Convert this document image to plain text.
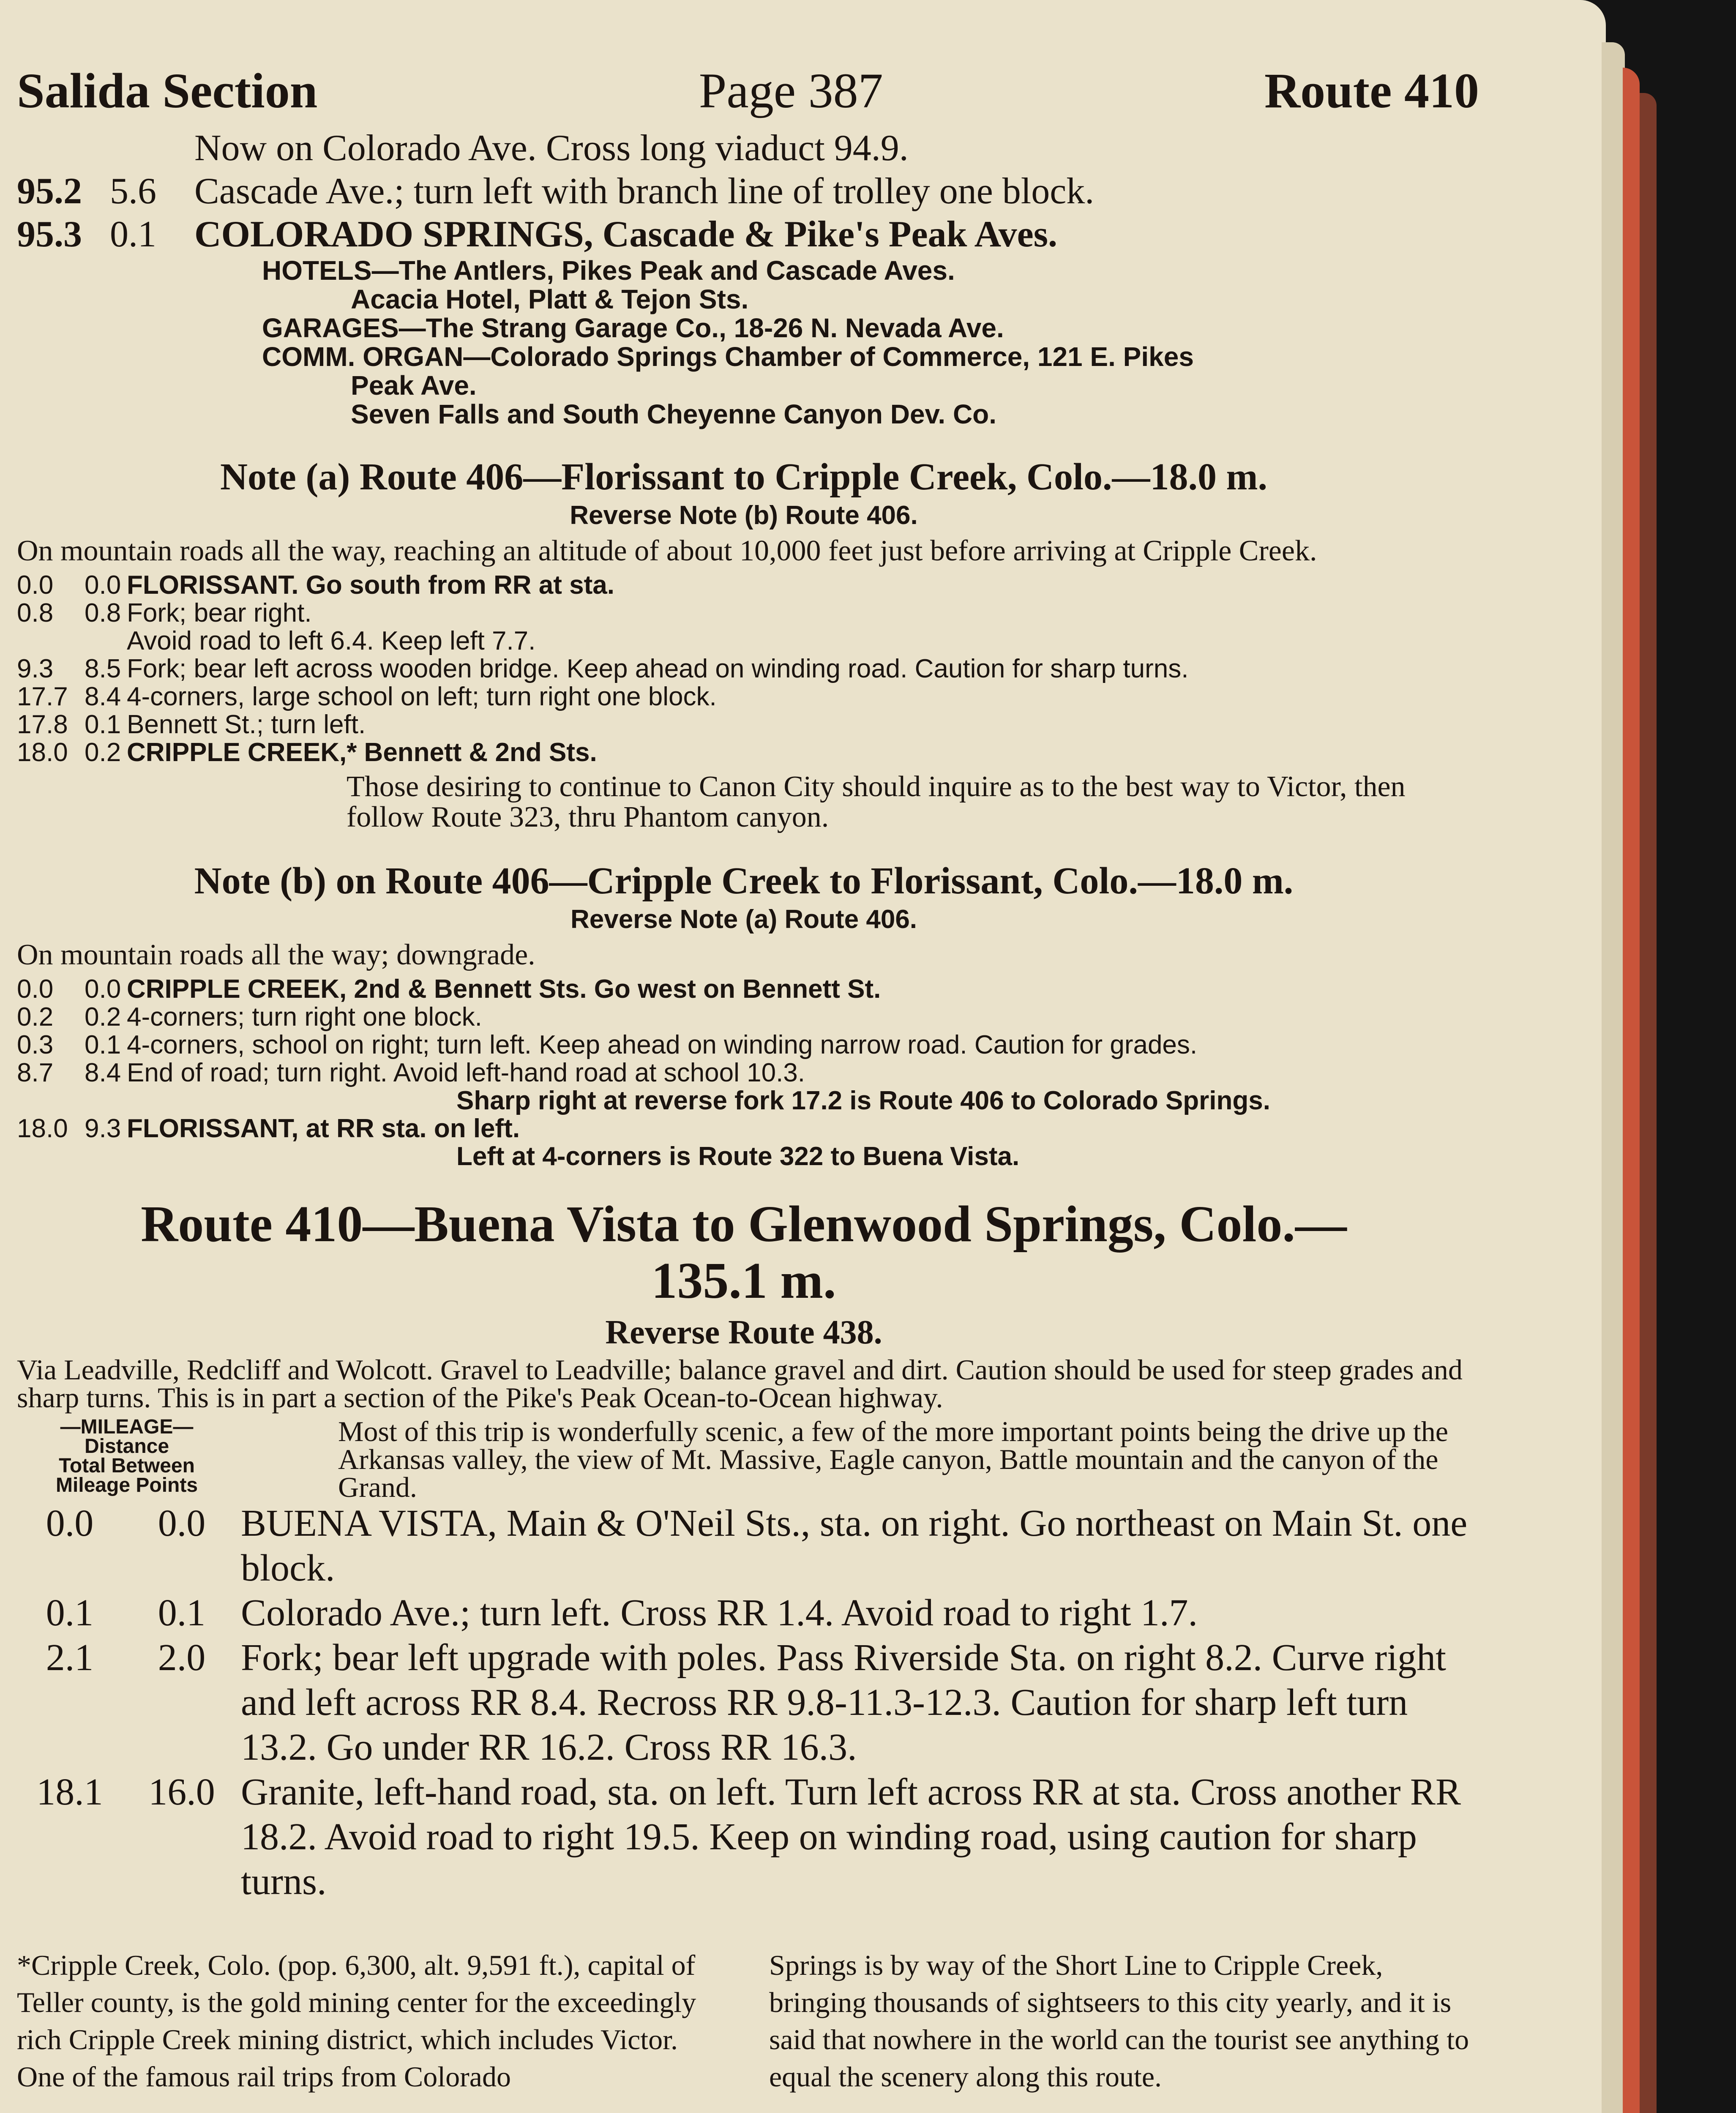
Salida Section	Page 387	Route 410
Now on Colorado Ave. Cross long viaduct 94.9.
95.2 5.6	Cascade Ave.; turn left with branch line of trolley one block.
95.3 0.1	COLORADO SPRINGS, Cascade & Pike's Peak Aves.
HOTELS—The Antlers, Pikes Peak and Cascade Aves.
Acacia Hotel, Platt & Tejon Sts.
GARAGES—The Strang Garage Co., 18-26 N. Nevada Ave.
COMM. ORGAN—Colorado Springs Chamber of Commerce, 121 E. Pikes
Peak Ave.
Seven Falls and South Cheyenne Canyon Dev. Co.
Note (a) Route 406—Florissant to Cripple Creek, Colo.—18.0 m.
Reverse Note (b) Route 406.
On mountain roads all the way, reaching an altitude of about 10,000 feet just before arriving at Cripple Creek.
0.0	0.0 FLORISSANT. Go south from RR at sta.
0.8	0.8 Fork; bear right.
Avoid road to left 6.4. Keep left 7.7.
9.3	8.5 Fork; bear left across wooden bridge. Keep ahead on winding road. Caution for sharp turns.
17.7 8.4 4-corners, large school on left; turn right one block.
17.8 0.1 Bennett St.; turn left.
18.0 0.2 CRIPPLE CREEK,* Bennett & 2nd Sts.
Those desiring to continue to Canon City should inquire as to the best way to Victor, then follow Route 323, thru Phantom canyon.
Note (b) on Route 406—Cripple Creek to Florissant, Colo.—18.0 m.
Reverse Note (a) Route 406.
On mountain roads all the way; downgrade.
0.0	0.0 CRIPPLE CREEK, 2nd & Bennett Sts. Go west on Bennett St.
0.2	0.2 4-corners; turn right one block.
0.3	0.1 4-corners, school on right; turn left. Keep ahead on winding narrow road. Caution for grades.
8.7	8.4 End of road; turn right. Avoid left-hand road at school 10.3.
Sharp right at reverse fork 17.2 is Route 406 to Colorado Springs.
18.0 9.3 FLORISSANT, at RR sta. on left.
Left at 4-corners is Route 322 to Buena Vista.
Route 410—Buena Vista to Glenwood Springs, Colo.—
135.1 m.
Reverse Route 438.
Via Leadville, Redcliff and Wolcott. Gravel to Leadville; balance gravel and dirt. Caution should be used for steep grades and sharp turns. This is in part a section of the Pike's Peak Ocean-to-Ocean highway.
—MILEAGE—
Distance
Total Between
Mileage Points
Most of this trip is wonderfully scenic, a few of the more important points being the drive up the Arkansas valley, the view of Mt. Massive, Eagle canyon, Battle mountain and the canyon of the Grand.
0.0	0.0 BUENA VISTA, Main & O'Neil Sts., sta. on right. Go northeast on Main St. one block.
0.1	0.1 Colorado Ave.; turn left. Cross RR 1.4. Avoid road to right 1.7.
2.1	2.0 Fork; bear left upgrade with poles. Pass Riverside Sta. on right 8.2. Curve right and left across RR 8.4. Recross RR 9.8-11.3-12.3. Caution for sharp left turn 13.2. Go under RR 16.2. Cross RR 16.3.
18.1	16.0 Granite, left-hand road, sta. on left. Turn left across RR at sta. Cross another RR 18.2. Avoid road to right 19.5. Keep on winding road, using caution for sharp turns.
*Cripple Creek, Colo. (pop. 6,300, alt. 9,591 ft.), capital of Teller county, is the gold mining center for the exceedingly rich Cripple Creek mining district, which includes Victor. One of the famous rail trips from Colorado
Springs is by way of the Short Line to Cripple Creek, bringing thousands of sightseers to this city yearly, and it is said that nowhere in the world can the tourist see anything to equal the scenery along this route.
